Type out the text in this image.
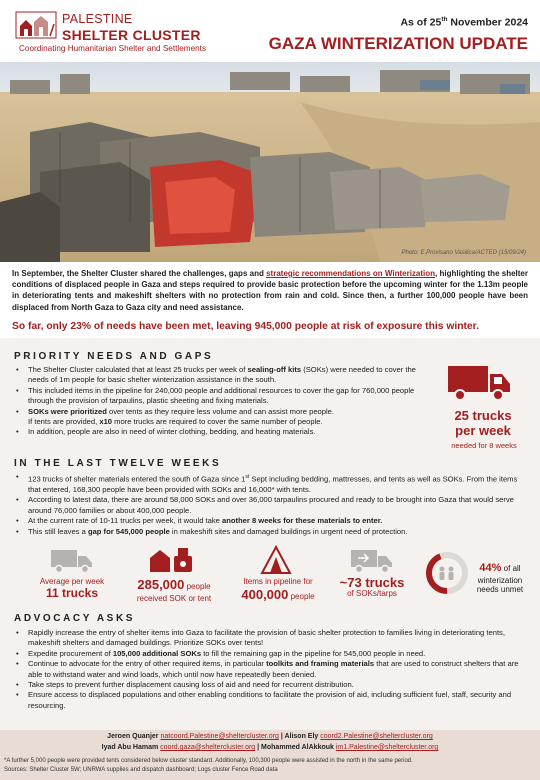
PALESTINE
SHELTER CLUSTER
Coordinating Humanitarian Shelter and Settlements
As of 25th November 2024
GAZA WINTERIZATION UPDATE
Photo: E.Provisano Vasilica/ACTED (15/09/24)
In September, the Shelter Cluster shared the challenges, gaps and strategic recommendations on Winterization, highlighting the shelter conditions of displaced people in Gaza and steps required to provide basic protection before the upcoming winter for the 1.13m people in deteriorating tents and makeshift shelters with no protection from rain and cold. Since then, a further 100,000 people have been displaced from North Gaza to Gaza city and need assistance.
So far, only 23% of needs have been met, leaving 945,000 people at risk of exposure this winter.
PRIORITY NEEDS AND GAPS
• The Shelter Cluster calculated that at least 25 trucks per week of sealing-off kits (SOKs) were needed to cover the needs of 1m people for basic shelter winterization assistance in the south.
• This included items in the pipeline for 240,000 people and additional resources to cover the gap for 760,000 people through the provision of tarpaulins, plastic sheeting and fixing materials.
• SOKs were prioritized over tents as they require less volume and can assist more people.
If tents are provided, x10 more trucks are required to cover the same number of people.
• In addition, people are also in need of winter clothing, bedding, and heating materials.
25 trucks
per week
needed for 8 weeks
IN THE LAST TWELVE WEEKS
• 123 trucks of shelter materials entered the south of Gaza since 1st Sept including bedding, mattresses, and tents as well as SOKs. From the items that entered, 168,300 people have been provided with SOKs and 16,000* with tents.
• According to latest data, there are around 58,000 SOKs and over 36,000 tarpaulins procured and ready to be brought into Gaza that would serve around 76,000 families or about 400,000 people.
• At the current rate of 10-11 trucks per week, it would take another 8 weeks for these materials to enter.
• This still leaves a gap for 545,000 people in makeshift sites and damaged buildings in urgent need of protection.
Average per week
11 trucks
285,000 people
received SOK or tent
Items in pipeline for
400,000 people
~73 trucks
of SOKs/tarps
44% of all
winterization
needs unmet
ADVOCACY ASKS
• Rapidly increase the entry of shelter items into Gaza to facilitate the provision of basic shelter protection to families living in deteriorating tents, makeshift shelters and damaged buildings. Prioritize SOKs over tents!
• Expedite procurement of 105,000 additional SOKs to fill the remaining gap in the pipeline for 545,000 people in need.
• Continue to advocate for the entry of other required items, in particular toolkits and framing materials that are used to construct shelters that are able to withstand water and wind loads, which until now have repeatedly been denied.
• Take steps to prevent further displacement causing loss of aid and need for recurrent distribution.
• Ensure access to displaced populations and other enabling conditions to facilitate the provision of aid, including sufficient fuel, staff, security and resourcing.
Jeroen Quanjer natcoord.Palestine@sheltercluster.org | Alison Ely coord2.Palestine@sheltercluster.org
Iyad Abu Hamam coord.gaza@sheltercluster.org | Mohammed AlAkkouk im1.Palestine@sheltercluster.org
*A further 5,000 people were provided tents considered below cluster standard. Additionally, 100,300 people were assisted in the north in the same period.
Sources: Shelter Cluster 5W; UNRWA supplies and dispatch dashboard; Logs cluster Fence Road data
